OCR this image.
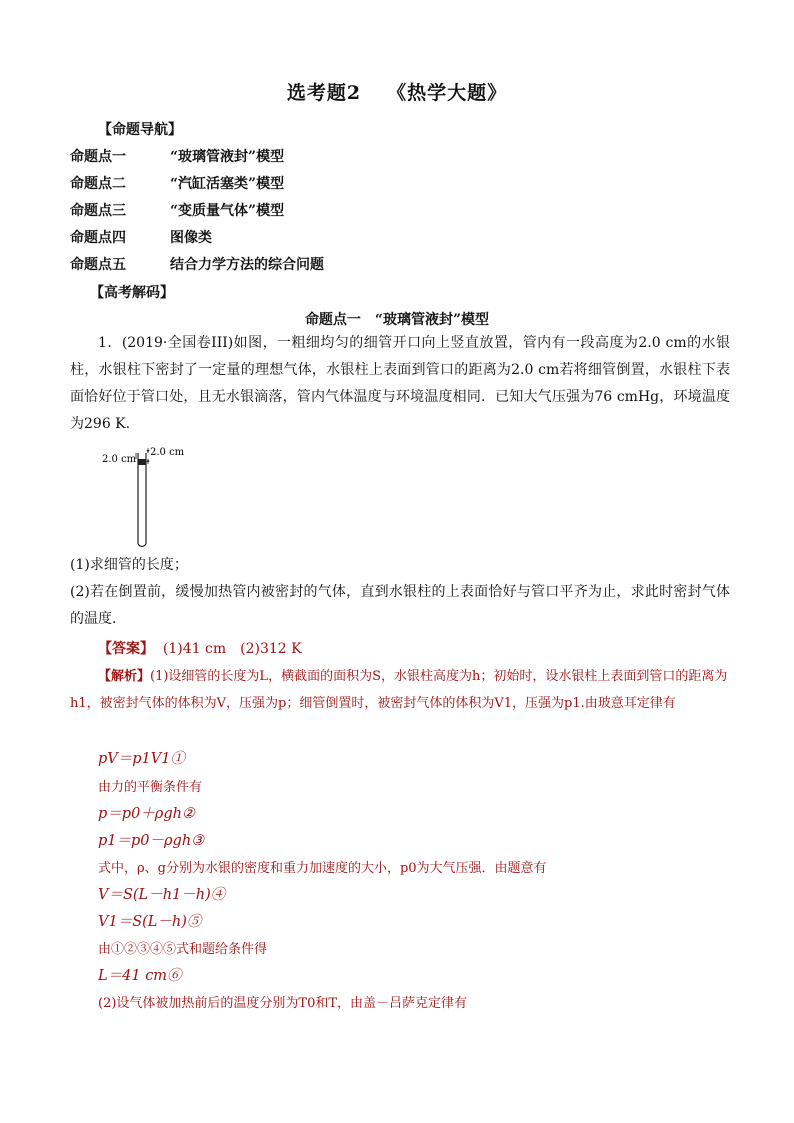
选考题2 《热学大题》
【命题导航】
命题点一	“玻璃管液封”模型
命题点二	“汽缸活塞类”模型
命题点三	“变质量气体”模型
命题点四	图像类
命题点五	结合力学方法的综合问题
【高考解码】
命题点一　“玻璃管液封”模型
1．(2019·全国卷III)如图，一粗细均匀的细管开口向上竖直放置，管内有一段高度为2.0 cm的水银柱，水银柱下密封了一定量的理想气体，水银柱上表面到管口的距离为2.0 cm若将细管倒置，水银柱下表面恰好位于管口处，且无水银滴落，管内气体温度与环境温度相同．已知大气压强为76 cmHg，环境温度为296 K.
2.0 cm
2.0 cm
(1)求细管的长度；
(2)若在倒置前，缓慢加热管内被密封的气体，直到水银柱的上表面恰好与管口平齐为止，求此时密封气体的温度．
【答案】 (1)41 cm　(2)312 K
【解析】(1)设细管的长度为L，横截面的面积为S，水银柱高度为h；初始时，设水银柱上表面到管口的距离为h1，被密封气体的体积为V，压强为p；细管倒置时，被密封气体的体积为V1，压强为p1.由玻意耳定律有
pV＝p1V1①
由力的平衡条件有
p＝p0＋ρgh②
p1＝p0－ρgh③
式中，ρ、g分别为水银的密度和重力加速度的大小，p0为大气压强．由题意有
V＝S(L－h1－h)④
V1＝S(L－h)⑤
由①②③④⑤式和题给条件得
L＝41 cm⑥
(2)设气体被加热前后的温度分别为T0和T，由盖－吕萨克定律有
